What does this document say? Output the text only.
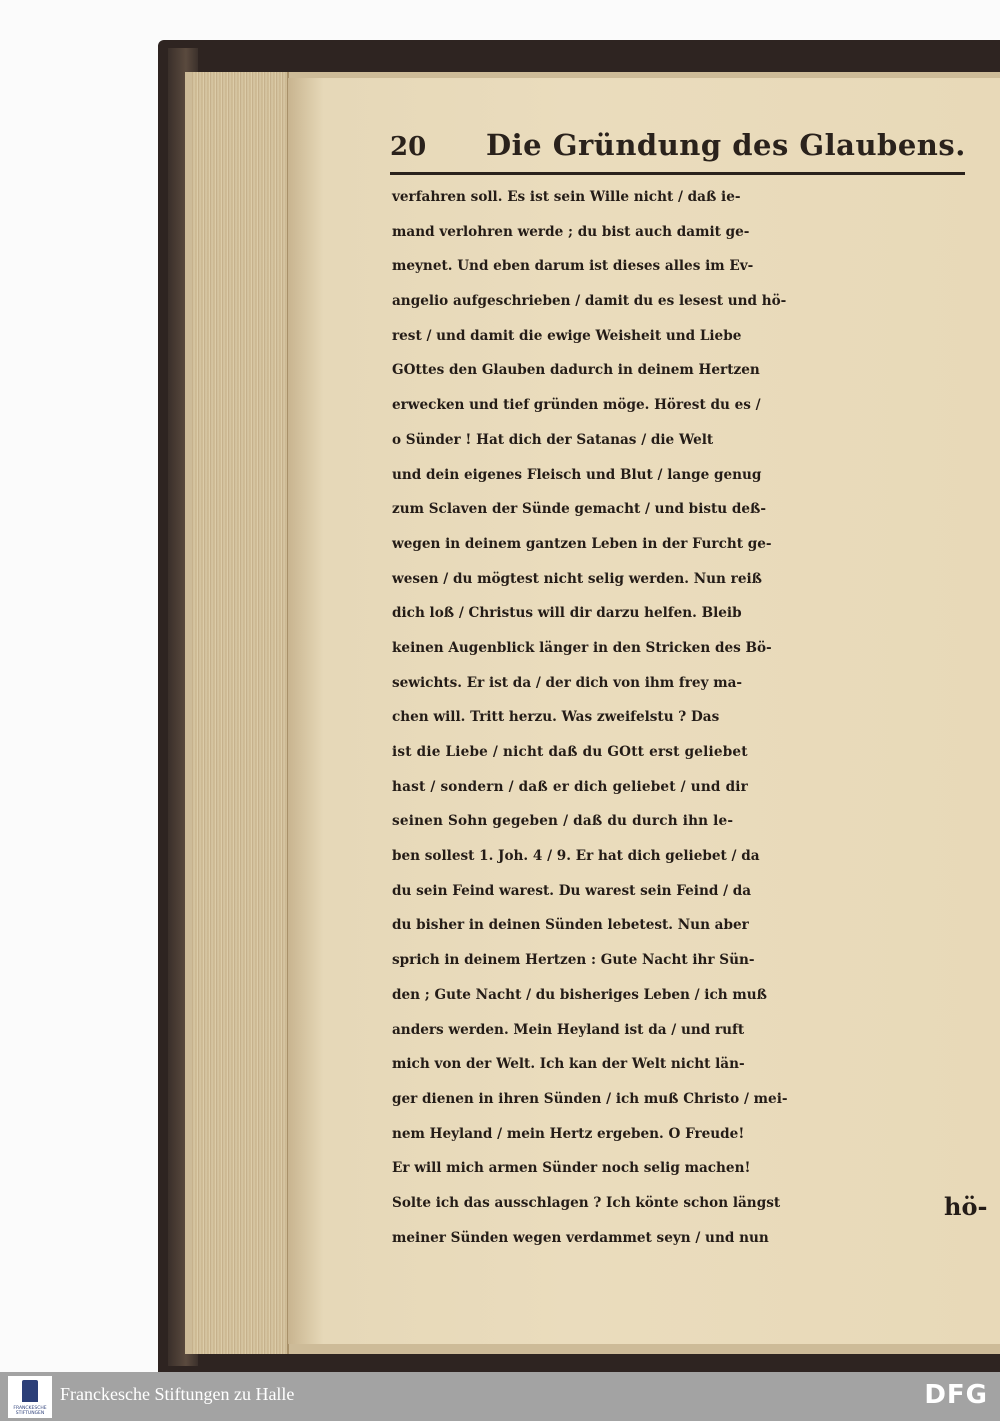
20 Die Gründung des Glaubens.
verfahren soll. Es ist sein Wille nicht / daß ie-
mand verlohren werde ; du bist auch damit ge-
meynet. Und eben darum ist dieses alles im Ev-
angelio aufgeschrieben / damit du es lesest und hö-
rest / und damit die ewige Weisheit und Liebe
GOttes den Glauben dadurch in deinem Hertzen
erwecken und tief gründen möge. Hörest du es /
o Sünder ! Hat dich der Satanas / die Welt
und dein eigenes Fleisch und Blut / lange genug
zum Sclaven der Sünde gemacht / und bistu deß-
wegen in deinem gantzen Leben in der Furcht ge-
wesen / du mögtest nicht selig werden. Nun reiß
dich loß / Christus will dir darzu helfen. Bleib
keinen Augenblick länger in den Stricken des Bö-
sewichts. Er ist da / der dich von ihm frey ma-
chen will. Tritt herzu. Was zweifelstu ? Das
ist die Liebe / nicht daß du GOtt erst geliebet
hast / sondern / daß er dich geliebet / und dir
seinen Sohn gegeben / daß du durch ihn le-
ben sollest 1. Joh. 4 / 9. Er hat dich geliebet / da
du sein Feind warest. Du warest sein Feind / da
du bisher in deinen Sünden lebetest. Nun aber
sprich in deinem Hertzen : Gute Nacht ihr Sün-
den ; Gute Nacht / du bisheriges Leben / ich muß
anders werden. Mein Heyland ist da / und ruft
mich von der Welt. Ich kan der Welt nicht län-
ger dienen in ihren Sünden / ich muß Christo / mei-
nem Heyland / mein Hertz ergeben. O Freude!
Er will mich armen Sünder noch selig machen!
Solte ich das ausschlagen ? Ich könte schon längst
meiner Sünden wegen verdammet seyn / und nun
hö-
FRANCKESCHE STIFTUNGEN
Franckesche Stiftungen zu Halle	DFG
